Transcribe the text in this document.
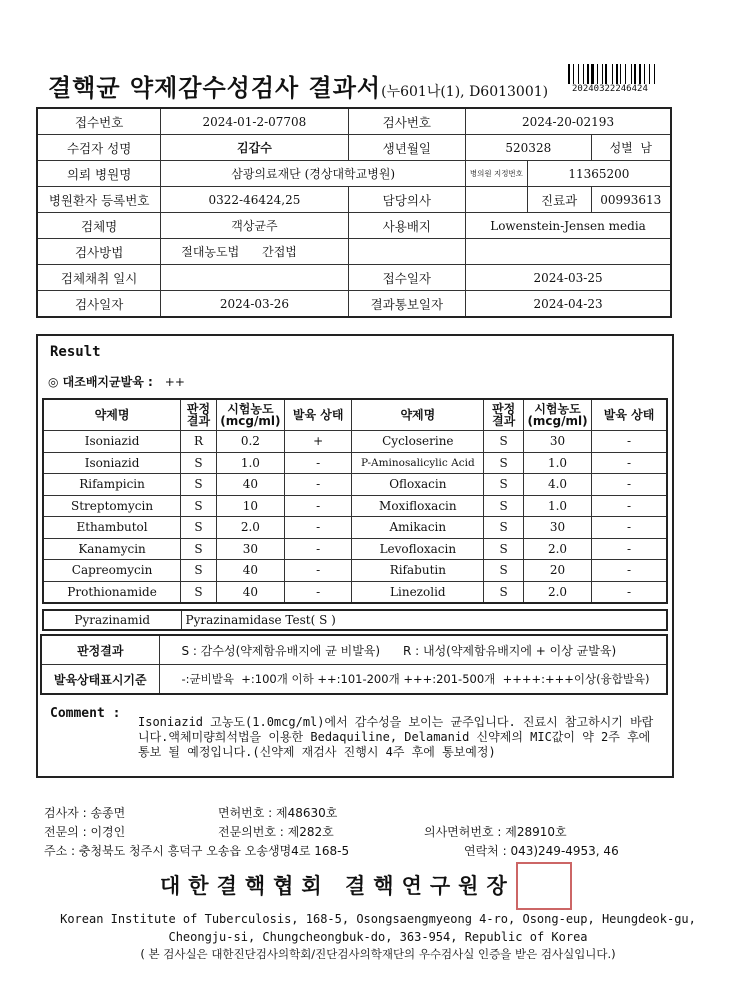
결핵균 약제감수성검사 결과서(누601나(1), D6013001)	20240322246424
접수번호	2024-01-2-07708	검사번호	2024-20-02193		
수검자 성명	김갑수	생년월일	520328		성별 남
의뢰 병원명	삼광의료재단 (경상대학교병원)		병의원 지정번호	11365200	
병원환자 등록번호	0322-46424,25	담당의사		진료과	00993613
검체명	객상균주	사용배지	Lowenstein-Jensen media		
검사방법	절대농도법 간접법				
검체채취 일시		접수일자	2024-03-25		
검사일자	2024-03-26	결과통보일자	2024-04-23		
Result
◎ 대조배지균발육 : ++
약제명	판정 결과	시험농도 (mcg/ml)	발육 상태	약제명	판정 결과	시험농도 (mcg/ml)	발육 상태
Isoniazid	R	0.2	+	Cycloserine	S	30	-
Isoniazid	S	1.0	-	P-Aminosalicylic Acid	S	1.0	-
Rifampicin	S	40	-	Ofloxacin	S	4.0	-
Streptomycin	S	10	-	Moxifloxacin	S	1.0	-
Ethambutol	S	2.0	-	Amikacin	S	30	-
Kanamycin	S	30	-	Levofloxacin	S	2.0	-
Capreomycin	S	40	-	Rifabutin	S	20	-
Prothionamide	S	40	-	Linezolid	S	2.0	-
Pyrazinamid	Pyrazinamidase Test( S )
판정결과	S : 감수성(약제함유배지에 균 비발육) R : 내성(약제함유배지에 + 이상 균발육)
발육상태표시기준	-:균비발육  +:100개 이하 ++:101-200개 +++:201-500개  ++++:+++이상(융합발육)
Comment :
Isoniazid 고농도(1.0mcg/ml)에서 감수성을 보이는 균주입니다. 진료시 참고하시기 바랍니다.액체미량희석법을 이용한 Bedaquiline, Delamanid 신약제의 MIC값이 약 2주 후에 통보 될 예정입니다.(신약제 재검사 진행시 4주 후에 통보예정)
검사자 : 송종면	면허번호 : 제48630호
전문의 : 이경인	전문의번호 : 제282호	의사면허번호 : 제28910호
주소 : 충청북도 청주시 흥덕구 오송읍 오송생명4로 168-5	연락처 : 043)249-4953, 46
대한결핵협회 결핵연구원장
Korean Institute of Tuberculosis, 168-5, Osongsaengmyeong 4-ro, Osong-eup, Heungdeok-gu,
Cheongju-si, Chungcheongbuk-do, 363-954, Republic of Korea
( 본 검사실은 대한진단검사의학회/진단검사의학재단의 우수검사실 인증을 받은 검사실입니다.)
